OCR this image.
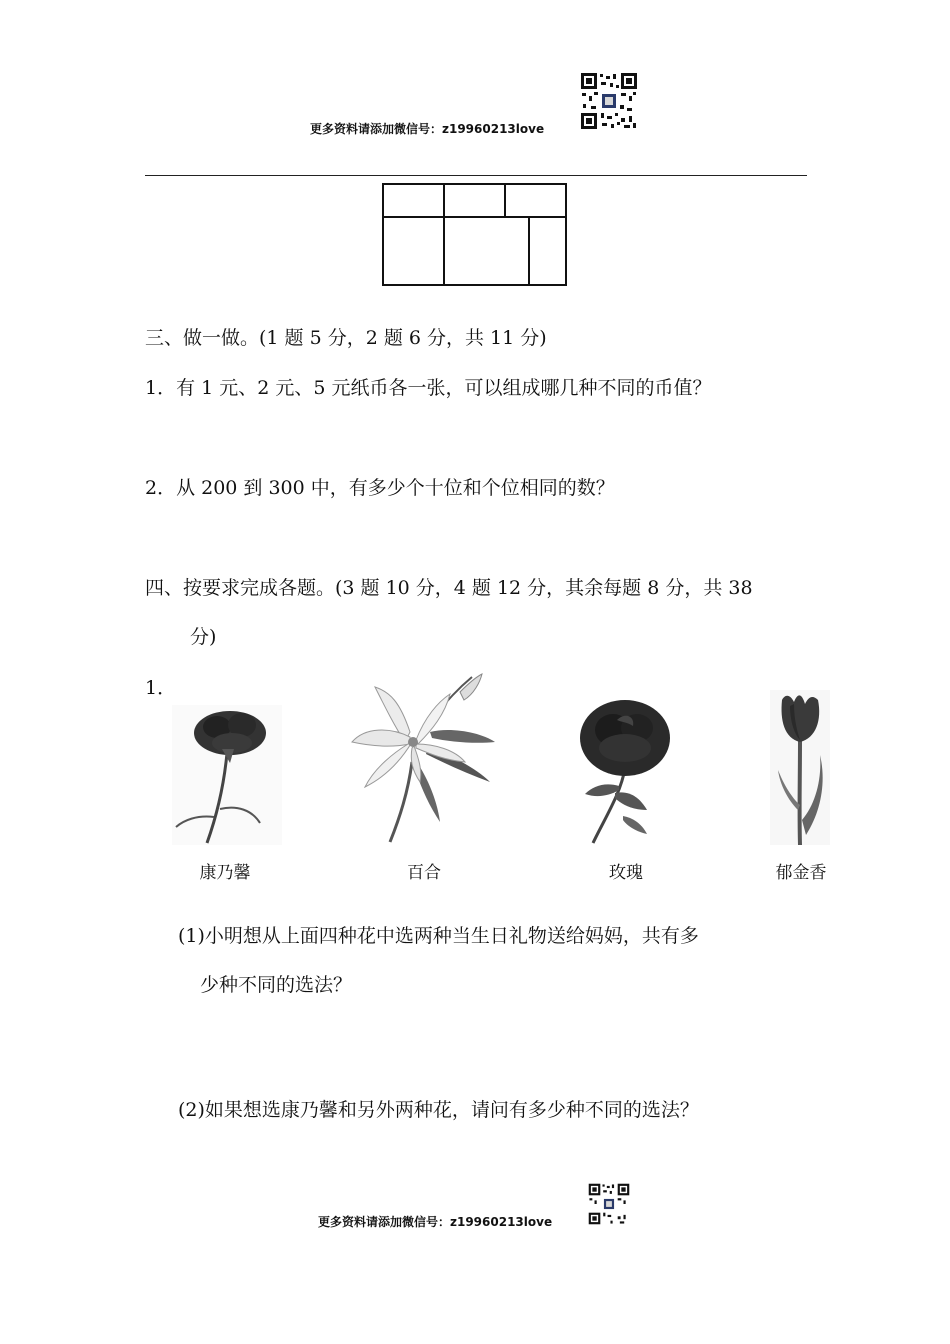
更多资料请添加微信号：z19960213love
三、做一做。(1 题 5 分，2 题 6 分，共 11 分)
1．有 1 元、2 元、5 元纸币各一张，可以组成哪几种不同的币值？
2．从 200 到 300 中，有多少个十位和个位相同的数？
四、按要求完成各题。(3 题 10 分，4 题 12 分，其余每题 8 分，共 38
分)
1．
康乃馨	百合	玫瑰	郁金香
(1)小明想从上面四种花中选两种当生日礼物送给妈妈，共有多
少种不同的选法？
(2)如果想选康乃馨和另外两种花，请问有多少种不同的选法？
更多资料请添加微信号：z19960213love
